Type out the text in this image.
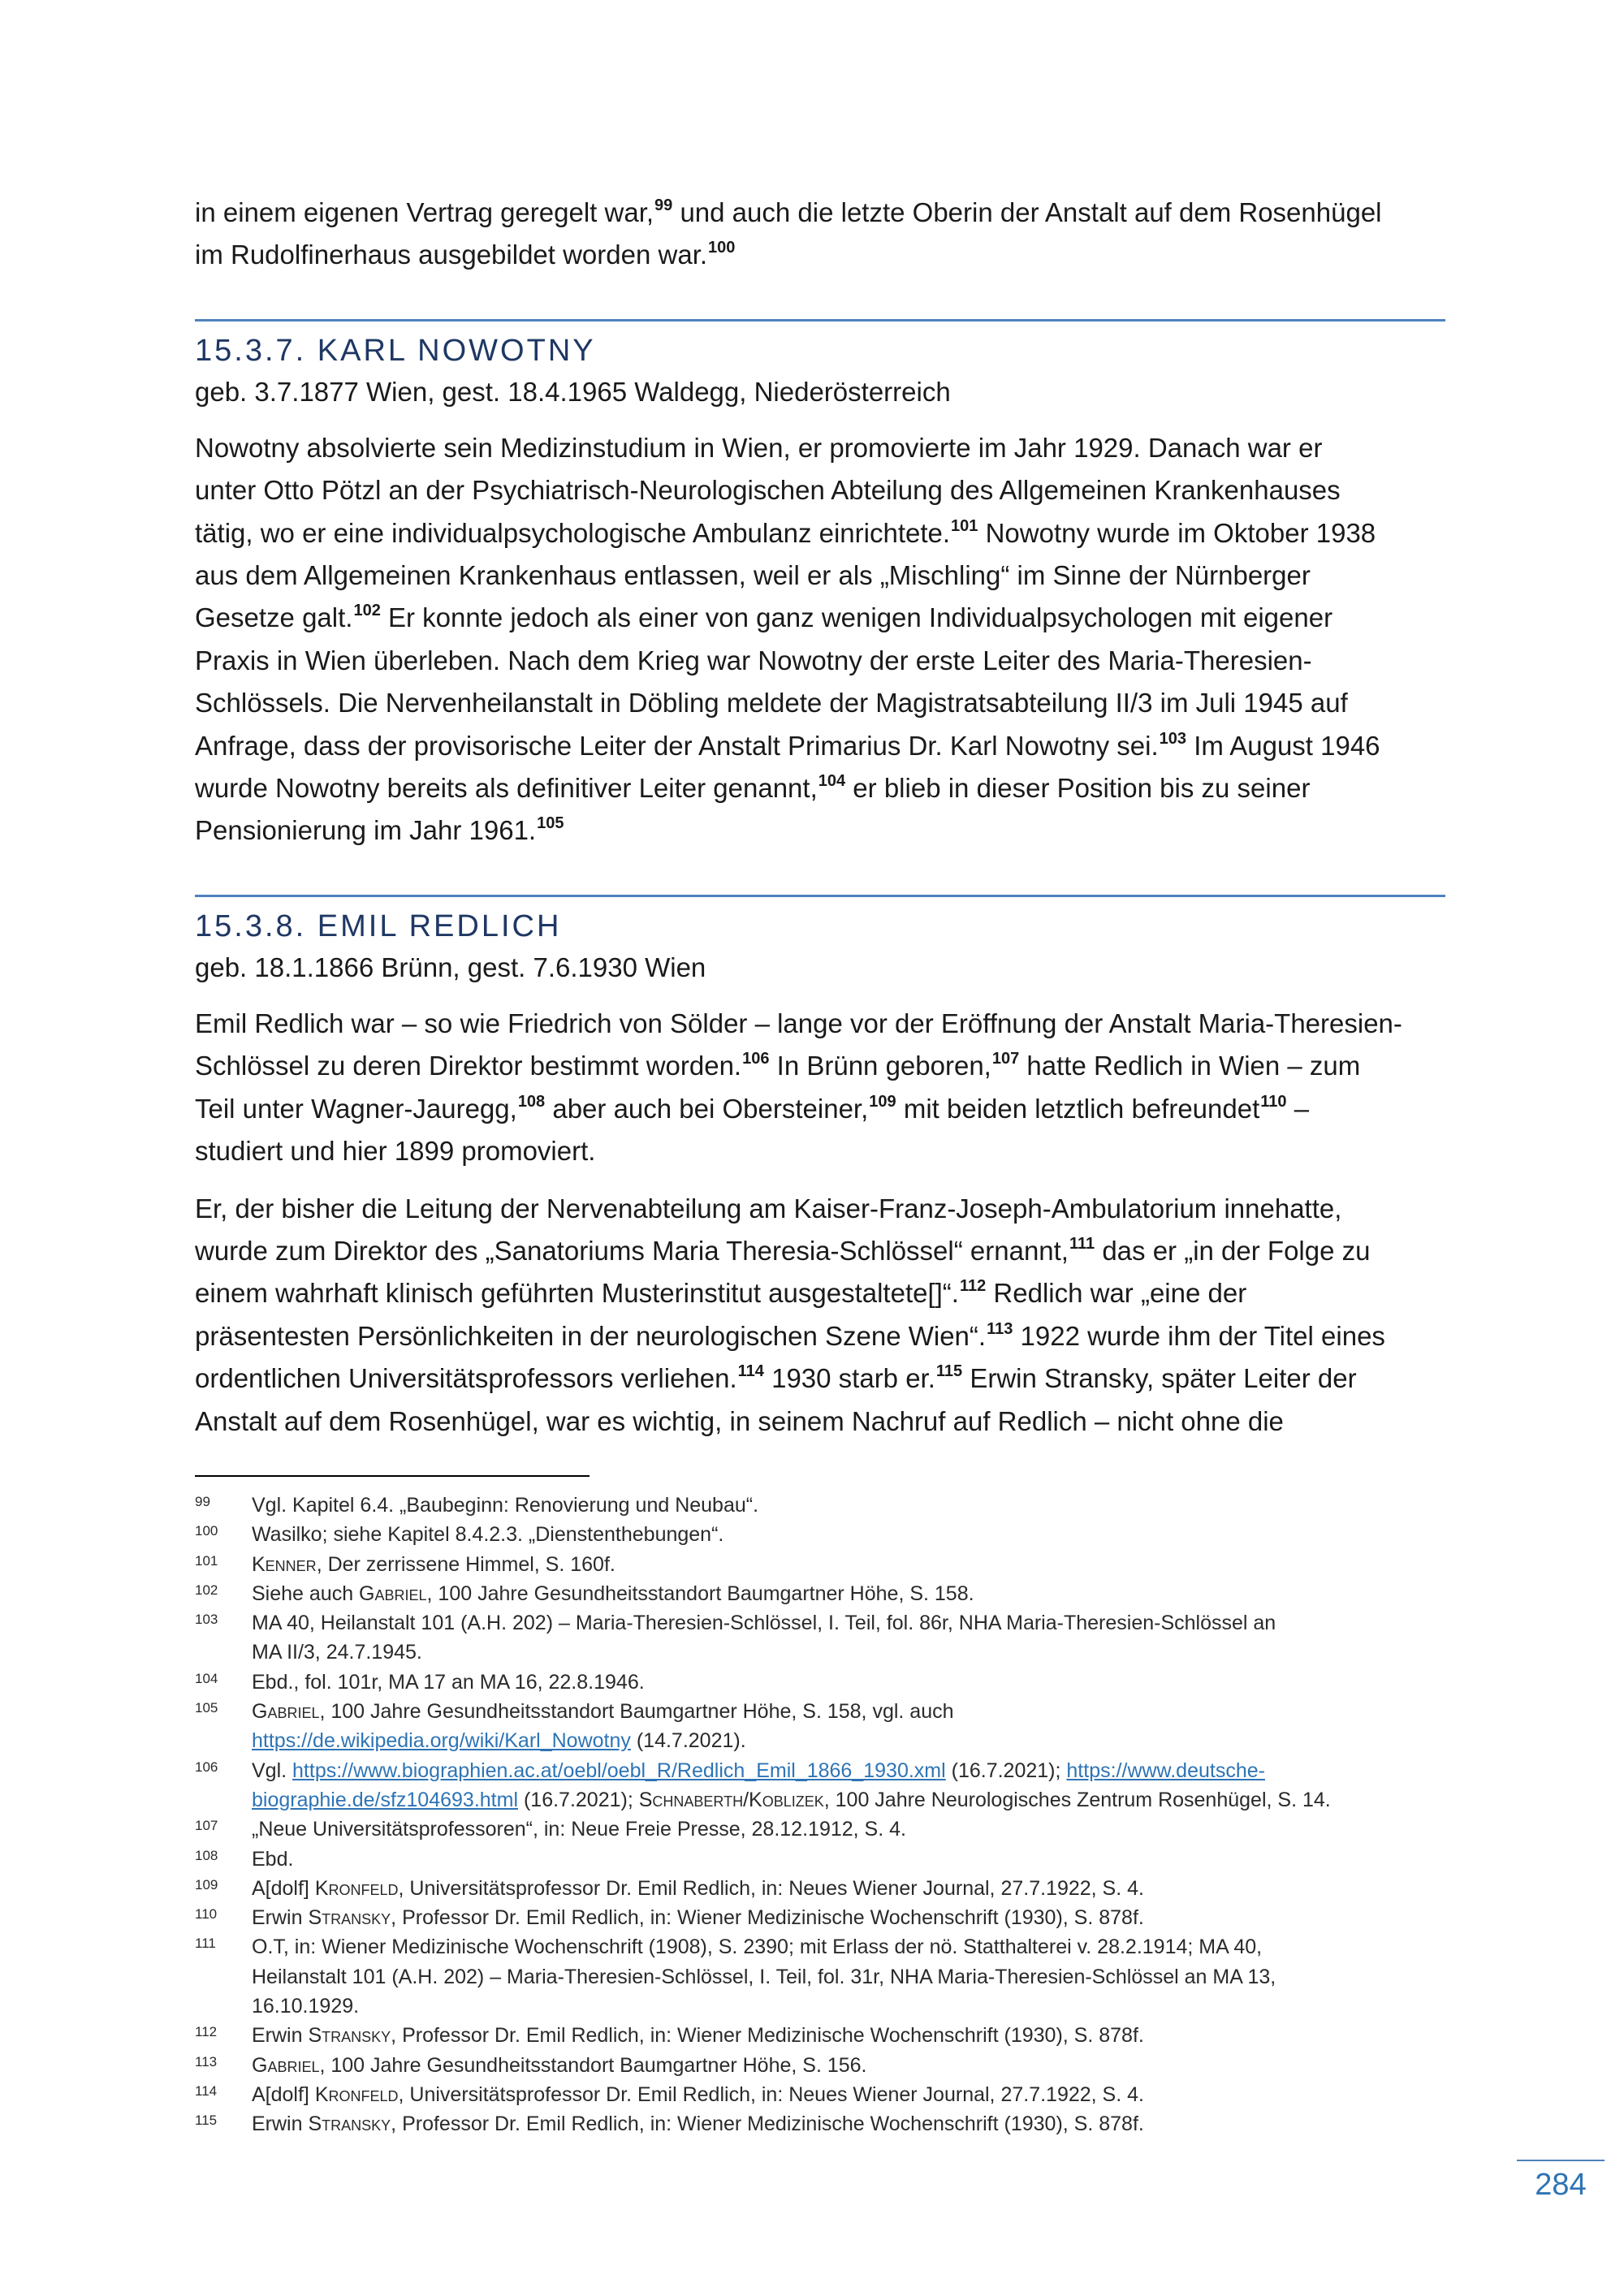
in einem eigenen Vertrag geregelt war,$^{99}$ und auch die letzte Oberin der Anstalt auf dem Rosenhügel
im Rudolfinerhaus ausgebildet worden war.$^{100}$

15.3.7. KARL NOWOTNY

geb. 3.7.1877 Wien, gest. 18.4.1965 Waldegg, Niederösterreich

Nowotny absolvierte sein Medizinstudium in Wien, er promovierte im Jahr 1929. Danach war er
unter Otto Pötzl an der Psychiatrisch-Neurologischen Abteilung des Allgemeinen Krankenhauses
tätig, wo er eine individualpsychologische Ambulanz einrichtete.$^{101}$ Nowotny wurde im Oktober 1938
aus dem Allgemeinen Krankenhaus entlassen, weil er als „Mischling“ im Sinne der Nürnberger
Gesetze galt.$^{102}$ Er konnte jedoch als einer von ganz wenigen Individualpsychologen mit eigener
Praxis in Wien überleben. Nach dem Krieg war Nowotny der erste Leiter des Maria-Theresien-
Schlössels. Die Nervenheilanstalt in Döbling meldete der Magistratsabteilung II/3 im Juli 1945 auf
Anfrage, dass der provisorische Leiter der Anstalt Primarius Dr. Karl Nowotny sei.$^{103}$ Im August 1946
wurde Nowotny bereits als definitiver Leiter genannt,$^{104}$ er blieb in dieser Position bis zu seiner
Pensionierung im Jahr 1961.$^{105}$

15.3.8. EMIL REDLICH

geb. 18.1.1866 Brünn, gest. 7.6.1930 Wien

Emil Redlich war – so wie Friedrich von Sölder – lange vor der Eröffnung der Anstalt Maria-Theresien-
Schlössel zu deren Direktor bestimmt worden.$^{106}$ In Brünn geboren,$^{107}$ hatte Redlich in Wien – zum
Teil unter Wagner-Jauregg,$^{108}$ aber auch bei Obersteiner,$^{109}$ mit beiden letztlich befreundet$^{110}$ –
studiert und hier 1899 promoviert.

Er, der bisher die Leitung der Nervenabteilung am Kaiser-Franz-Joseph-Ambulatorium innehatte,
wurde zum Direktor des „Sanatoriums Maria Theresia-Schlössel“ ernannt,$^{111}$ das er „in der Folge zu
einem wahrhaft klinisch geführten Musterinstitut ausgestaltete[]“.$^{112}$ Redlich war „eine der
präsentesten Persönlichkeiten in der neurologischen Szene Wien“.$^{113}$ 1922 wurde ihm der Titel eines
ordentlichen Universitätsprofessors verliehen.$^{114}$ 1930 starb er.$^{115}$ Erwin Stransky, später Leiter der
Anstalt auf dem Rosenhügel, war es wichtig, in seinem Nachruf auf Redlich – nicht ohne die

99	Vgl. Kapitel 6.4. „Baubeginn: Renovierung und Neubau“.
100	Wasilko; siehe Kapitel 8.4.2.3. „Dienstenthebungen“.
101	Kenner, Der zerrissene Himmel, S. 160f.
102	Siehe auch Gabriel, 100 Jahre Gesundheitsstandort Baumgartner Höhe, S. 158.
103	MA 40, Heilanstalt 101 (A.H. 202) – Maria-Theresien-Schlössel, I. Teil, fol. 86r, NHA Maria-Theresien-Schlössel an
MA II/3, 24.7.1945.
104	Ebd., fol. 101r, MA 17 an MA 16, 22.8.1946.
105	Gabriel, 100 Jahre Gesundheitsstandort Baumgartner Höhe, S. 158, vgl. auch
https://de.wikipedia.org/wiki/Karl_Nowotny (14.7.2021).
106	Vgl. https://www.biographien.ac.at/oebl/oebl_R/Redlich_Emil_1866_1930.xml (16.7.2021); https://www.deutsche-
biographie.de/sfz104693.html (16.7.2021); Schnaberth/Koblizek, 100 Jahre Neurologisches Zentrum Rosenhügel, S. 14.
107	„Neue Universitätsprofessoren“, in: Neue Freie Presse, 28.12.1912, S. 4.
108	Ebd.
109	A[dolf] Kronfeld, Universitätsprofessor Dr. Emil Redlich, in: Neues Wiener Journal, 27.7.1922, S. 4.
110	Erwin Stransky, Professor Dr. Emil Redlich, in: Wiener Medizinische Wochenschrift (1930), S. 878f.
111	O.T, in: Wiener Medizinische Wochenschrift (1908), S. 2390; mit Erlass der nö. Statthalterei v. 28.2.1914; MA 40,
Heilanstalt 101 (A.H. 202) – Maria-Theresien-Schlössel, I. Teil, fol. 31r, NHA Maria-Theresien-Schlössel an MA 13,
16.10.1929.
112	Erwin Stransky, Professor Dr. Emil Redlich, in: Wiener Medizinische Wochenschrift (1930), S. 878f.
113	Gabriel, 100 Jahre Gesundheitsstandort Baumgartner Höhe, S. 156.
114	A[dolf] Kronfeld, Universitätsprofessor Dr. Emil Redlich, in: Neues Wiener Journal, 27.7.1922, S. 4.
115	Erwin Stransky, Professor Dr. Emil Redlich, in: Wiener Medizinische Wochenschrift (1930), S. 878f.
284
